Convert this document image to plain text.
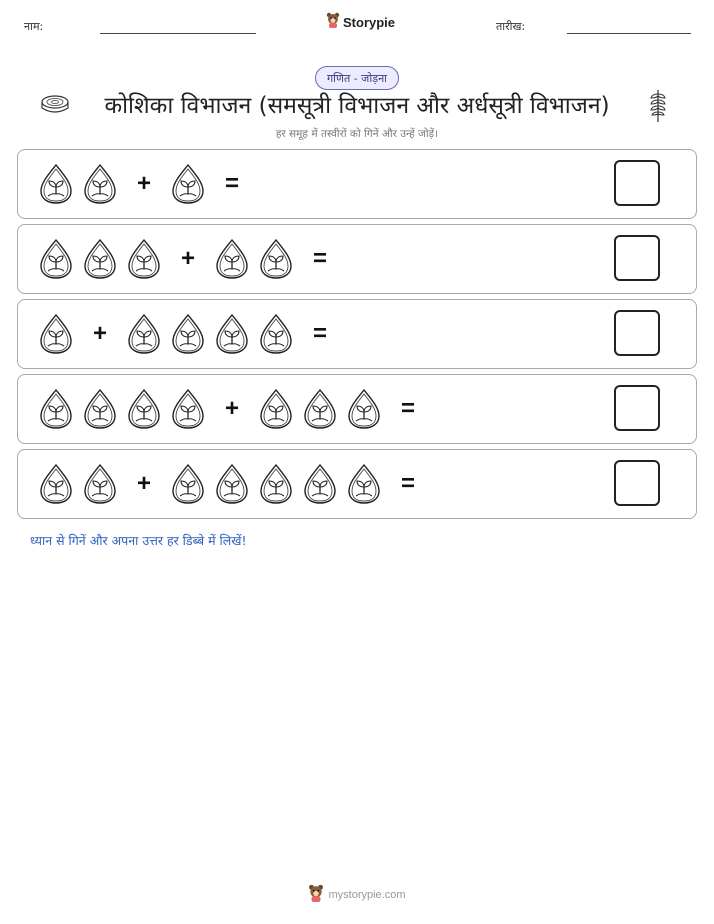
नाम:	Storypie	तारीख:
गणित - जोड़ना
कोशिका विभाजन (समसूत्री विभाजन और अर्धसूत्री विभाजन)
हर समूह में तस्वीरों को गिनें और उन्हें जोड़ें।
+	=
+	=
+	=
+	=
+	=
ध्यान से गिनें और अपना उत्तर हर डिब्बे में लिखें!
mystorypie.com
